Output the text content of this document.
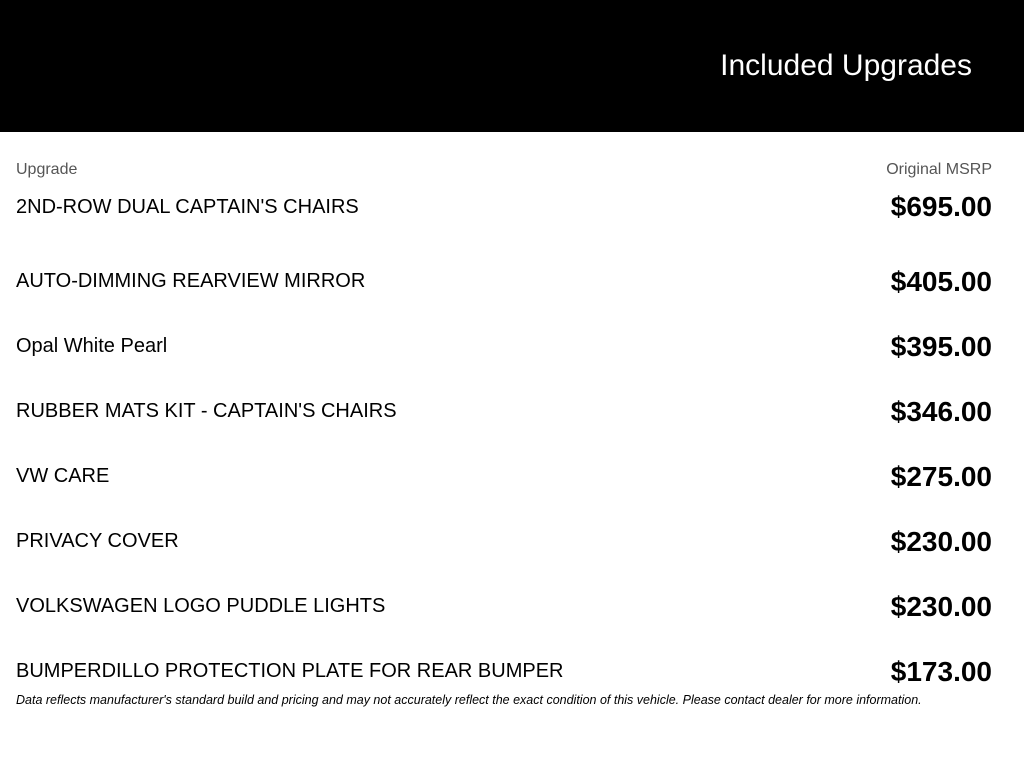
Included Upgrades
Upgrade	Original MSRP
2ND-ROW DUAL CAPTAIN'S CHAIRS	$695.00
AUTO-DIMMING REARVIEW MIRROR	$405.00
Opal White Pearl	$395.00
RUBBER MATS KIT - CAPTAIN'S CHAIRS	$346.00
VW CARE	$275.00
PRIVACY COVER	$230.00
VOLKSWAGEN LOGO PUDDLE LIGHTS	$230.00
BUMPERDILLO PROTECTION PLATE FOR REAR BUMPER	$173.00
Data reflects manufacturer's standard build and pricing and may not accurately reflect the exact condition of this vehicle. Please contact dealer for more information.
